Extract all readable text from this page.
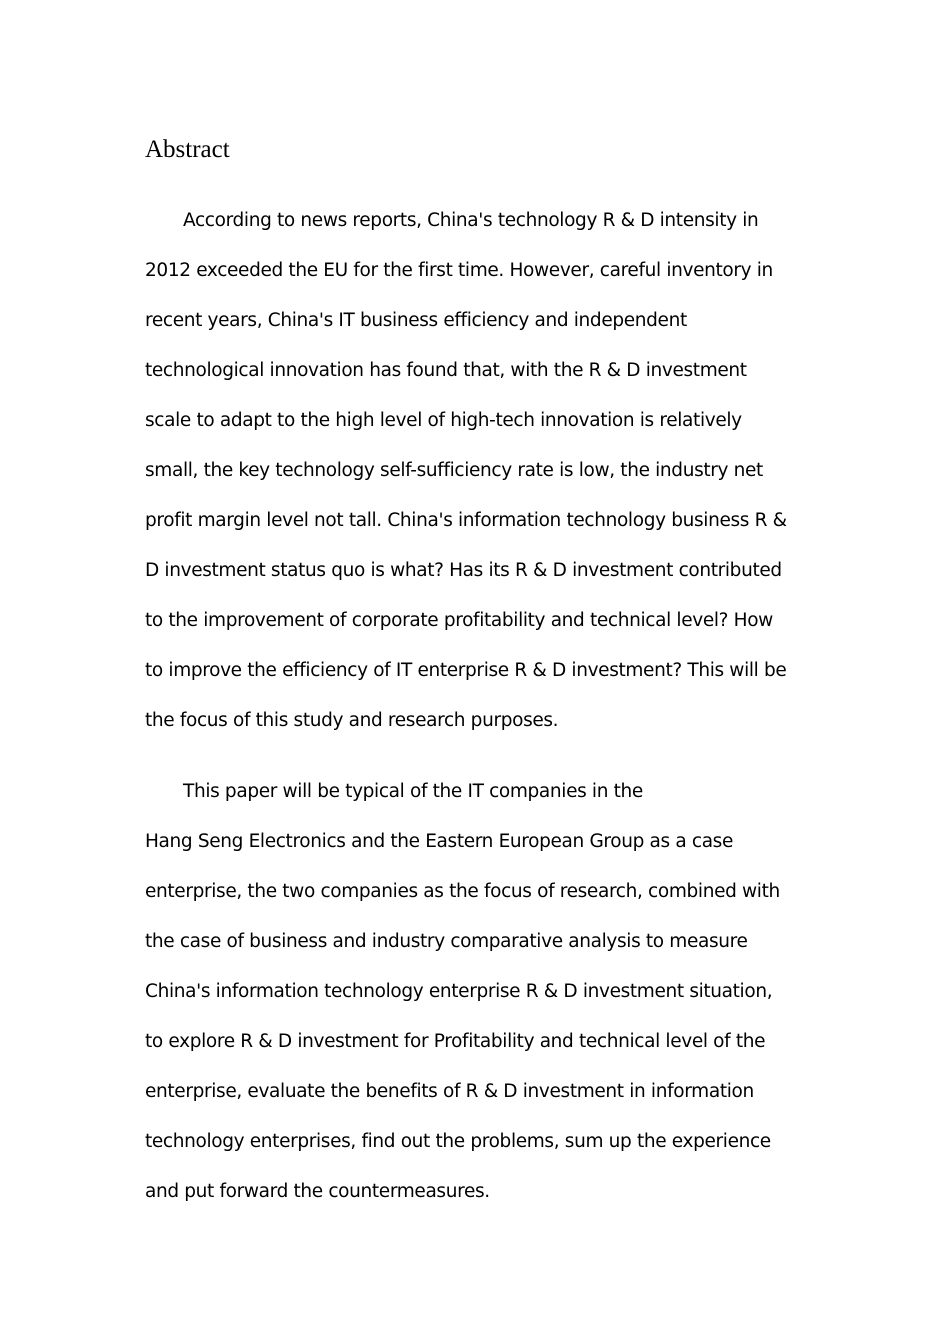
Abstract

According to news reports, China's technology R & D intensity in

2012 exceeded the EU for the first time. However, careful inventory in

recent years, China's IT business efficiency and independent

technological innovation has found that, with the R & D investment

scale to adapt to the high level of high-tech innovation is relatively

small, the key technology self-sufficiency rate is low, the industry net

profit margin level not tall. China's information technology business R &

D investment status quo is what? Has its R & D investment contributed

to the improvement of corporate profitability and technical level? How

to improve the efficiency of IT enterprise R & D investment? This will be

the focus of this study and research purposes.

This paper will be typical of the IT companies in the

Hang Seng Electronics and the Eastern European Group as a case

enterprise, the two companies as the focus of research, combined with

the case of business and industry comparative analysis to measure

China's information technology enterprise R & D investment situation,

to explore R & D investment for Profitability and technical level of the

enterprise, evaluate the benefits of R & D investment in information

technology enterprises, find out the problems, sum up the experience

and put forward the countermeasures.
